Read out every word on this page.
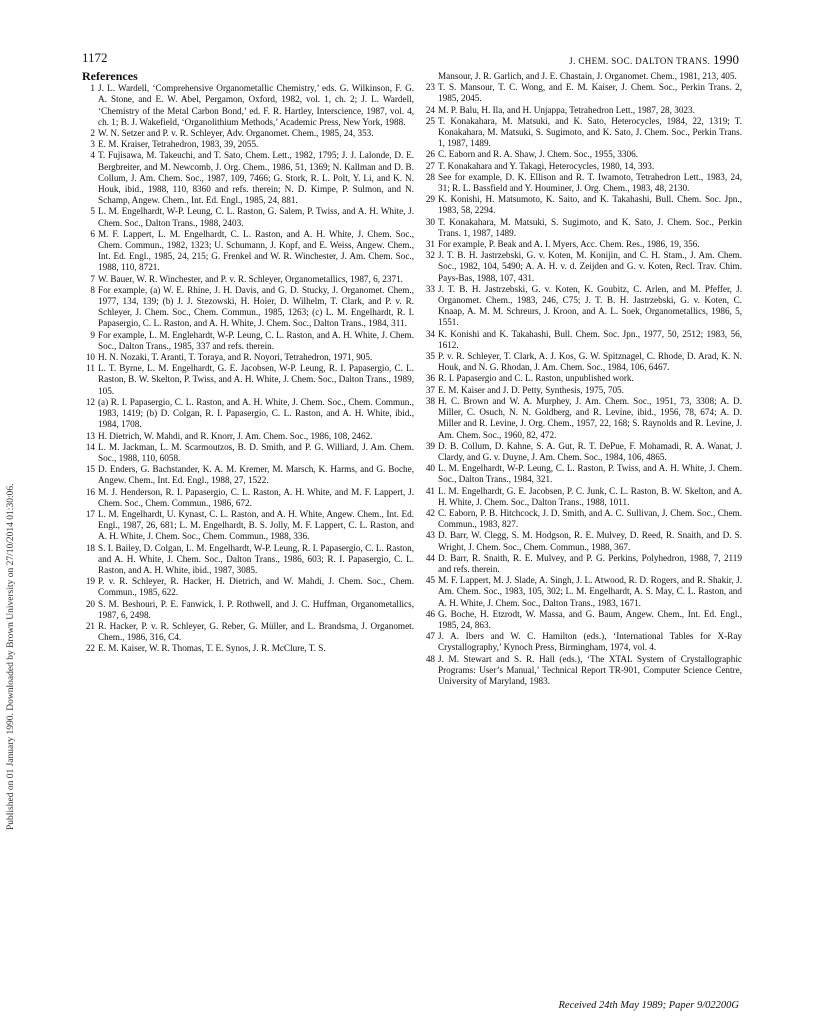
Published on 01 January 1990. Downloaded by Brown University on 27/10/2014 01:30:06.
1172	J. CHEM. SOC. DALTON TRANS. 1990
References

1 J. L. Wardell, ‘Comprehensive Organometallic Chemistry,’ eds. G. Wilkinson, F. G. A. Stone, and E. W. Abel, Pergamon, Oxford, 1982, vol. 1, ch. 2; J. L. Wardell, ‘Chemistry of the Metal Carbon Bond,’ ed. F. R. Hartley, Interscience, 1987, vol. 4, ch. 1; B. J. Wakefield, ‘Organolithium Methods,’ Academic Press, New York, 1988.

2 W. N. Setzer and P. v. R. Schleyer, Adv. Organomet. Chem., 1985, 24, 353.

3 E. M. Kraiser, Tetrahedron, 1983, 39, 2055.

4 T. Fujisawa, M. Takeuchi, and T. Sato, Chem. Lett., 1982, 1795; J. J. Lalonde, D. E. Bergbreiter, and M. Newcomb, J. Org. Chem., 1986, 51, 1369; N. Kallman and D. B. Collum, J. Am. Chem. Soc., 1987, 109, 7466; G. Stork, R. L. Polt, Y. Li, and K. N. Houk, ibid., 1988, 110, 8360 and refs. therein; N. D. Kimpe, P. Sulmon, and N. Schamp, Angew. Chem., Int. Ed. Engl., 1985, 24, 881.

5 L. M. Engelhardt, W-P. Leung, C. L. Raston, G. Salem, P. Twiss, and A. H. White, J. Chem. Soc., Dalton Trans., 1988, 2403.

6 M. F. Lappert, L. M. Engelhardt, C. L. Raston, and A. H. White, J. Chem. Soc., Chem. Commun., 1982, 1323; U. Schumann, J. Kopf, and E. Weiss, Angew. Chem., Int. Ed. Engl., 1985, 24, 215; G. Frenkel and W. R. Winchester, J. Am. Chem. Soc., 1988, 110, 8721.

7 W. Bauer, W. R. Winchester, and P. v. R. Schleyer, Organometallics, 1987, 6, 2371.

8 For example, (a) W. E. Rhine, J. H. Davis, and G. D. Stucky, J. Organomet. Chem., 1977, 134, 139; (b) J. J. Stezowski, H. Hoier, D. Wilhelm, T. Clark, and P. v. R. Schleyer, J. Chem. Soc., Chem. Commun., 1985, 1263; (c) L. M. Engelhardt, R. I. Papasergio, C. L. Raston, and A. H. White, J. Chem. Soc., Dalton Trans., 1984, 311.

9 For example, L. M. Englehardt, W-P. Leung, C. L. Raston, and A. H. White, J. Chem. Soc., Dalton Trans., 1985, 337 and refs. therein.

10 H. N. Nozaki, T. Aranti, T. Toraya, and R. Noyori, Tetrahedron, 1971, 905.

11 L. T. Byrne, L. M. Engelhardt, G. E. Jacobsen, W-P. Leung, R. I. Papasergio, C. L. Raston, B. W. Skelton, P. Twiss, and A. H. White, J. Chem. Soc., Dalton Trans., 1989, 105.

12 (a) R. I. Papasergio, C. L. Raston, and A. H. White, J. Chem. Soc., Chem. Commun., 1983, 1419; (b) D. Colgan, R. I. Papasergio, C. L. Raston, and A. H. White, ibid., 1984, 1708.

13 H. Dietrich, W. Mahdi, and R. Knorr, J. Am. Chem. Soc., 1986, 108, 2462.

14 L. M. Jackman, L. M. Scarmoutzos, B. D. Smith, and P. G. Williard, J. Am. Chem. Soc., 1988, 110, 6058.

15 D. Enders, G. Bachstander, K. A. M. Kremer, M. Marsch, K. Harms, and G. Boche, Angew. Chem., Int. Ed. Engl., 1988, 27, 1522.

16 M. J. Henderson, R. I. Papasergio, C. L. Raston, A. H. White, and M. F. Lappert, J. Chem. Soc., Chem. Commun., 1986, 672.

17 L. M. Engelhardt, U. Kynast, C. L. Raston, and A. H. White, Angew. Chem., Int. Ed. Engl., 1987, 26, 681; L. M. Engelhardt, B. S. Jolly, M. F. Lappert, C. L. Raston, and A. H. White, J. Chem. Soc., Chem. Commun., 1988, 336.

18 S. I. Bailey, D. Colgan, L. M. Engelhardt, W-P. Leung, R. I. Papasergio, C. L. Raston, and A. H. White, J. Chem. Soc., Dalton Trans., 1986, 603; R. I. Papasergio, C. L. Raston, and A. H. White, ibid., 1987, 3085.

19 P. v. R. Schleyer, R. Hacker, H. Dietrich, and W. Mahdi, J. Chem. Soc., Chem. Commun., 1985, 622.

20 S. M. Beshouri, P. E. Fanwick, I. P. Rothwell, and J. C. Huffman, Organometallics, 1987, 6, 2498.

21 R. Hacker, P. v. R. Schleyer, G. Reber, G. Müller, and L. Brandsma, J. Organomet. Chem., 1986, 316, C4.

22 E. M. Kaiser, W. R. Thomas, T. E. Synos, J. R. McClure, T. S.

Mansour, J. R. Garlich, and J. E. Chastain, J. Organomet. Chem., 1981, 213, 405.

23 T. S. Mansour, T. C. Wong, and E. M. Kaiser, J. Chem. Soc., Perkin Trans. 2, 1985, 2045.

24 M. P. Balu, H. Ila, and H. Unjappa, Tetrahedron Lett., 1987, 28, 3023.

25 T. Konakahara, M. Matsuki, and K. Sato, Heterocycles, 1984, 22, 1319; T. Konakahara, M. Matsuki, S. Sugimoto, and K. Sato, J. Chem. Soc., Perkin Trans. 1, 1987, 1489.

26 C. Eaborn and R. A. Shaw, J. Chem. Soc., 1955, 3306.

27 T. Konakahara and Y. Takagi, Heterocycles, 1980, 14, 393.

28 See for example, D. K. Ellison and R. T. Iwamoto, Tetrahedron Lett., 1983, 24, 31; R. L. Bassfield and Y. Houminer, J. Org. Chem., 1983, 48, 2130.

29 K. Konishi, H. Matsumoto, K. Saito, and K. Takahashi, Bull. Chem. Soc. Jpn., 1983, 58, 2294.

30 T. Konakahara, M. Matsuki, S. Sugimoto, and K. Sato, J. Chem. Soc., Perkin Trans. 1, 1987, 1489.

31 For example, P. Beak and A. I. Myers, Acc. Chem. Res., 1986, 19, 356.

32 J. T. B. H. Jastrzebski, G. v. Koten, M. Konijin, and C. H. Stam., J. Am. Chem. Soc., 1982, 104, 5490; A. A. H. v. d. Zeijden and G. v. Koten, Recl. Trav. Chim. Pays-Bas, 1988, 107, 431.

33 J. T. B. H. Jastrzebski, G. v. Koten, K. Goubitz, C. Arlen, and M. Pfeffer, J. Organomet. Chem., 1983, 246, C75; J. T. B. H. Jastrzebski, G. v. Koten, C. Knaap, A. M. M. Schreurs, J. Kroon, and A. L. Soek, Organometallics, 1986, 5, 1551.

34 K. Konishi and K. Takahashi, Bull. Chem. Soc. Jpn., 1977, 50, 2512; 1983, 56, 1612.

35 P. v. R. Schleyer, T. Clark, A. J. Kos, G. W. Spitznagel, C. Rhode, D. Arad, K. N. Houk, and N. G. Rhodan, J. Am. Chem. Soc., 1984, 106, 6467.

36 R. I. Papasergio and C. L. Raston, unpublished work.

37 E. M. Kaiser and J. D. Petty, Synthesis, 1975, 705.

38 H. C. Brown and W. A. Murphey, J. Am. Chem. Soc., 1951, 73, 3308; A. D. Miller, C. Osuch, N. N. Goldberg, and R. Levine, ibid., 1956, 78, 674; A. D. Miller and R. Levine, J. Org. Chem., 1957, 22, 168; S. Raynolds and R. Levine, J. Am. Chem. Soc., 1960, 82, 472.

39 D. B. Collum, D. Kahne, S. A. Gut, R. T. DePue, F. Mohamadi, R. A. Wanat, J. Clardy, and G. v. Duyne, J. Am. Chem. Soc., 1984, 106, 4865.

40 L. M. Engelhardt, W-P. Leung, C. L. Raston, P. Twiss, and A. H. White, J. Chem. Soc., Dalton Trans., 1984, 321.

41 L. M. Engelhardt, G. E. Jacobsen, P. C. Junk, C. L. Raston, B. W. Skelton, and A. H. White, J. Chem. Soc., Dalton Trans., 1988, 1011.

42 C. Eaborn, P. B. Hitchcock, J. D. Smith, and A. C. Sullivan, J. Chem. Soc., Chem. Commun., 1983, 827.

43 D. Barr, W. Clegg, S. M. Hodgson, R. E. Mulvey, D. Reed, R. Snaith, and D. S. Wright, J. Chem. Soc., Chem. Commun., 1988, 367.

44 D. Barr, R. Snaith, R. E. Mulvey, and P. G. Perkins, Polyhedron, 1988, 7, 2119 and refs. therein.

45 M. F. Lappert, M. J. Slade, A. Singh, J. L. Atwood, R. D. Rogers, and R. Shakir, J. Am. Chem. Soc., 1983, 105, 302; L. M. Engelhardt, A. S. May, C. L. Raston, and A. H. White, J. Chem. Soc., Dalton Trans., 1983, 1671.

46 G. Boche, H. Etzrodt, W. Massa, and G. Baum, Angew. Chem., Int. Ed. Engl., 1985, 24, 863.

47 J. A. Ibers and W. C. Hamilton (eds.), ‘International Tables for X-Ray Crystallography,’ Kynoch Press, Birmingham, 1974, vol. 4.

48 J. M. Stewart and S. R. Hall (eds.), ‘The XTAL System of Crystallographic Programs: User’s Manual,’ Technical Report TR-901, Computer Science Centre, University of Maryland, 1983.

Received 24th May 1989; Paper 9/02200G
